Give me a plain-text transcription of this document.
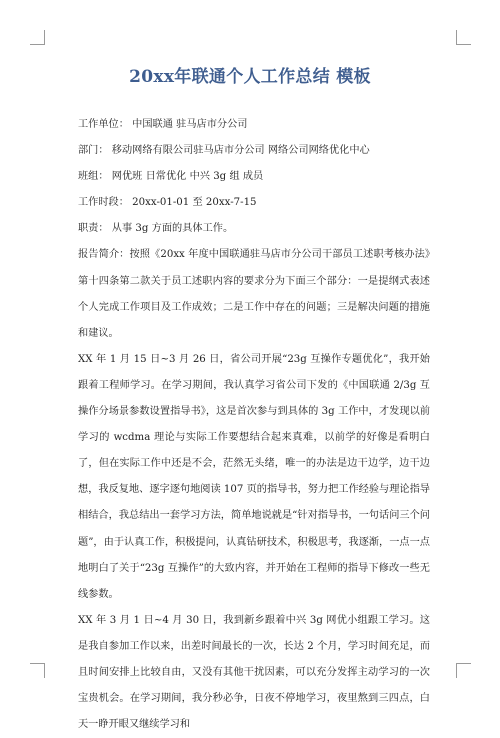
20xx年联通个人工作总结 模板
工作单位： 中国联通 驻马店市分公司
部门： 移动网络有限公司驻马店市分公司 网络公司网络优化中心
班组： 网优班 日常优化 中兴 3g 组 成员
工作时段： 20xx-01-01 至 20xx-7-15
职责： 从事 3g 方面的具体工作。

报告简介：按照《20xx 年度中国联通驻马店市分公司干部员工述职考核办法》第十四条第二款关于员工述职内容的要求分为下面三个部分：一是提纲式表述个人完成工作项目及工作成效；二是工作中存在的问题；三是解决问题的措施和建议。

XX 年 1 月 15 日~3 月 26 日，省公司开展“23g 互操作专题优化”，我开始跟着工程师学习。在学习期间，我认真学习省公司下发的《中国联通 2/3g 互操作分场景参数设置指导书》，这是首次参与到具体的 3g 工作中，才发现以前学习的 wcdma 理论与实际工作要想结合起来真难，以前学的好像是看明白了，但在实际工作中还是不会，茫然无头绪，唯一的办法是边干边学，边干边想，我反复地、逐字逐句地阅读 107 页的指导书，努力把工作经验与理论指导相结合，我总结出一套学习方法，简单地说就是“针对指导书，一句话问三个问题”，由于认真工作，积极提问，认真钻研技术，积极思考，我逐渐，一点一点地明白了关于“23g 互操作”的大致内容，并开始在工程师的指导下修改一些无线参数。

XX 年 3 月 1 日~4 月 30 日，我到新乡跟着中兴 3g 网优小组跟工学习。这是我自参加工作以来，出差时间最长的一次，长达 2 个月，学习时间充足，而且时间安排上比较自由，又没有其他干扰因素，可以充分发挥主动学习的一次宝贵机会。在学习期间，我分秒必争，日夜不停地学习，夜里熬到三四点，白天一睁开眼又继续学习和
